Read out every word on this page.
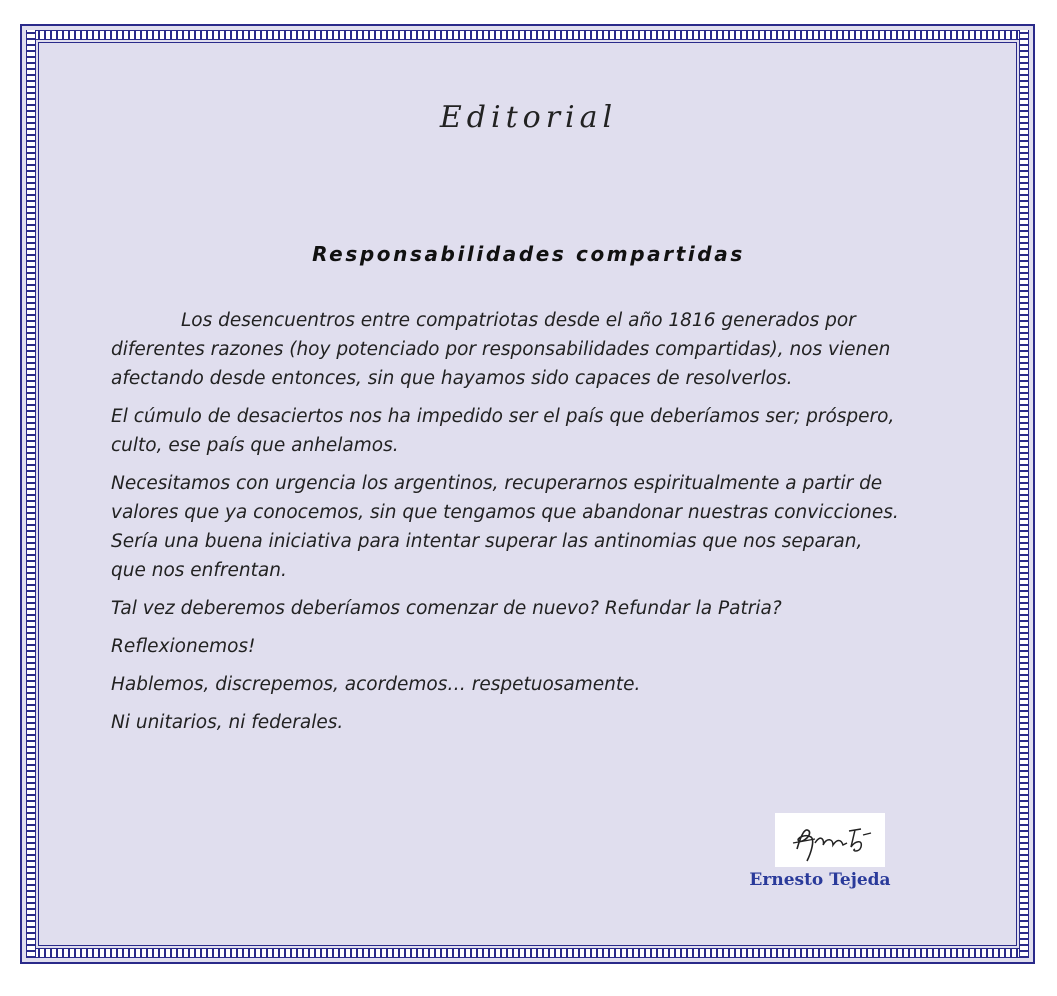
Editorial
Responsabilidades compartidas

Los desencuentros entre compatriotas desde el año 1816 generados por diferentes razones (hoy potenciado por responsabilidades compartidas), nos vienen afectando desde entonces, sin que hayamos sido capaces de resolverlos.

El cúmulo de desaciertos nos ha impedido ser el país que deberíamos ser; próspero, culto, ese país que anhelamos.

Necesitamos con urgencia los argentinos, recuperarnos espiritualmente a partir de valores que ya conocemos, sin que tengamos que abandonar nuestras convicciones. Sería una buena iniciativa para intentar superar las antinomias que nos separan, que nos enfrentan.

Tal vez deberemos deberíamos comenzar de nuevo? Refundar la Patria?

Reflexionemos!

Hablemos, discrepemos, acordemos… respetuosamente.

Ni unitarios, ni federales.

Ernesto Tejeda
